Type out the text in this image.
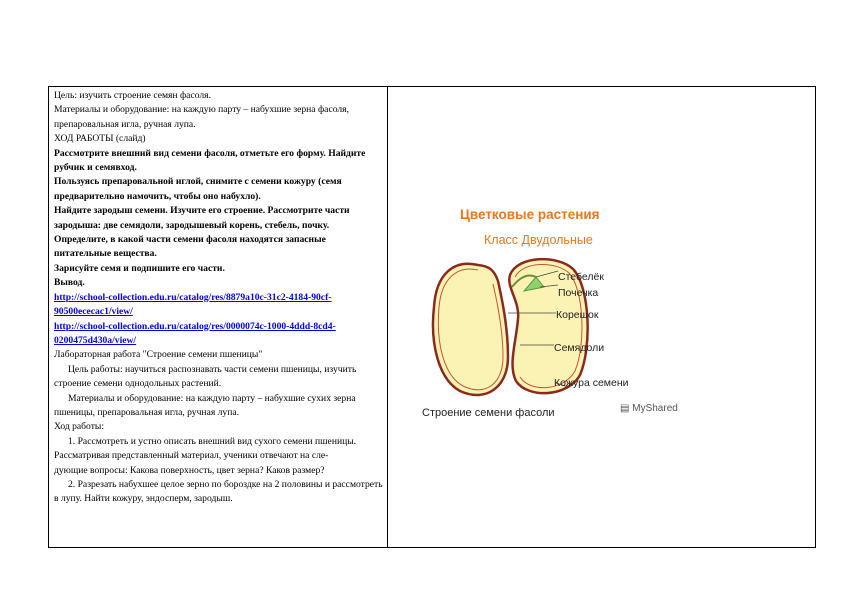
Цель: изучить строение семян фасоля.

Материалы и оборудование: на каждую парту – набухшие зерна фасоля, препаровальная игла, ручная лупа.

ХОД РАБОТЫ (слайд)

Рассмотрите внешний вид семени фасоля, отметьте его форму. Найдите рубчик и семявход.

Пользуясь препаровальной иглой, снимите с семени кожуру (семя предварительно намочить, чтобы оно набухло).

Найдите зародыш семени. Изучите его строение. Рассмотрите части зародыша: две семядоли, зародышевый корень, стебель, почку.

Определите, в какой части семени фасоля находятся запасные питательные вещества.

Зарисуйте семя и подпишите его части.

Вывод.

http://school-collection.edu.ru/catalog/res/8879a10c-31c2-4184-90cf-90500ececac1/view/

http://school-collection.edu.ru/catalog/res/0000074c-1000-4ddd-8cd4-0200475d430a/view/

Лабораторная работа "Строение семени пшеницы"

Цель работы: научиться распознавать части семени пшеницы, изучить строение семени однодольных растений.

Материалы и оборудование: на каждую парту – набухшие сухих зерна пшеницы, препаровальная игла, ручная лупа.

Ход работы:

1. Рассмотреть и устно описать внешний вид сухого семени пшеницы. Рассматривая представленный материал, ученики отвечают на сле-

дующие вопросы: Какова поверхность, цвет зерна? Каков размер?

2. Разрезать набухшее целое зерно по бороздке на 2 половины и рассмотреть в лупу. Найти кожуру, эндосперм, зародыш.

Цветковые растения
Класс Двудольные
Стебелёк
Почечка
Корешок
Семядоли
Кожура семени
Строение семени фасоли	▤ MyShared
